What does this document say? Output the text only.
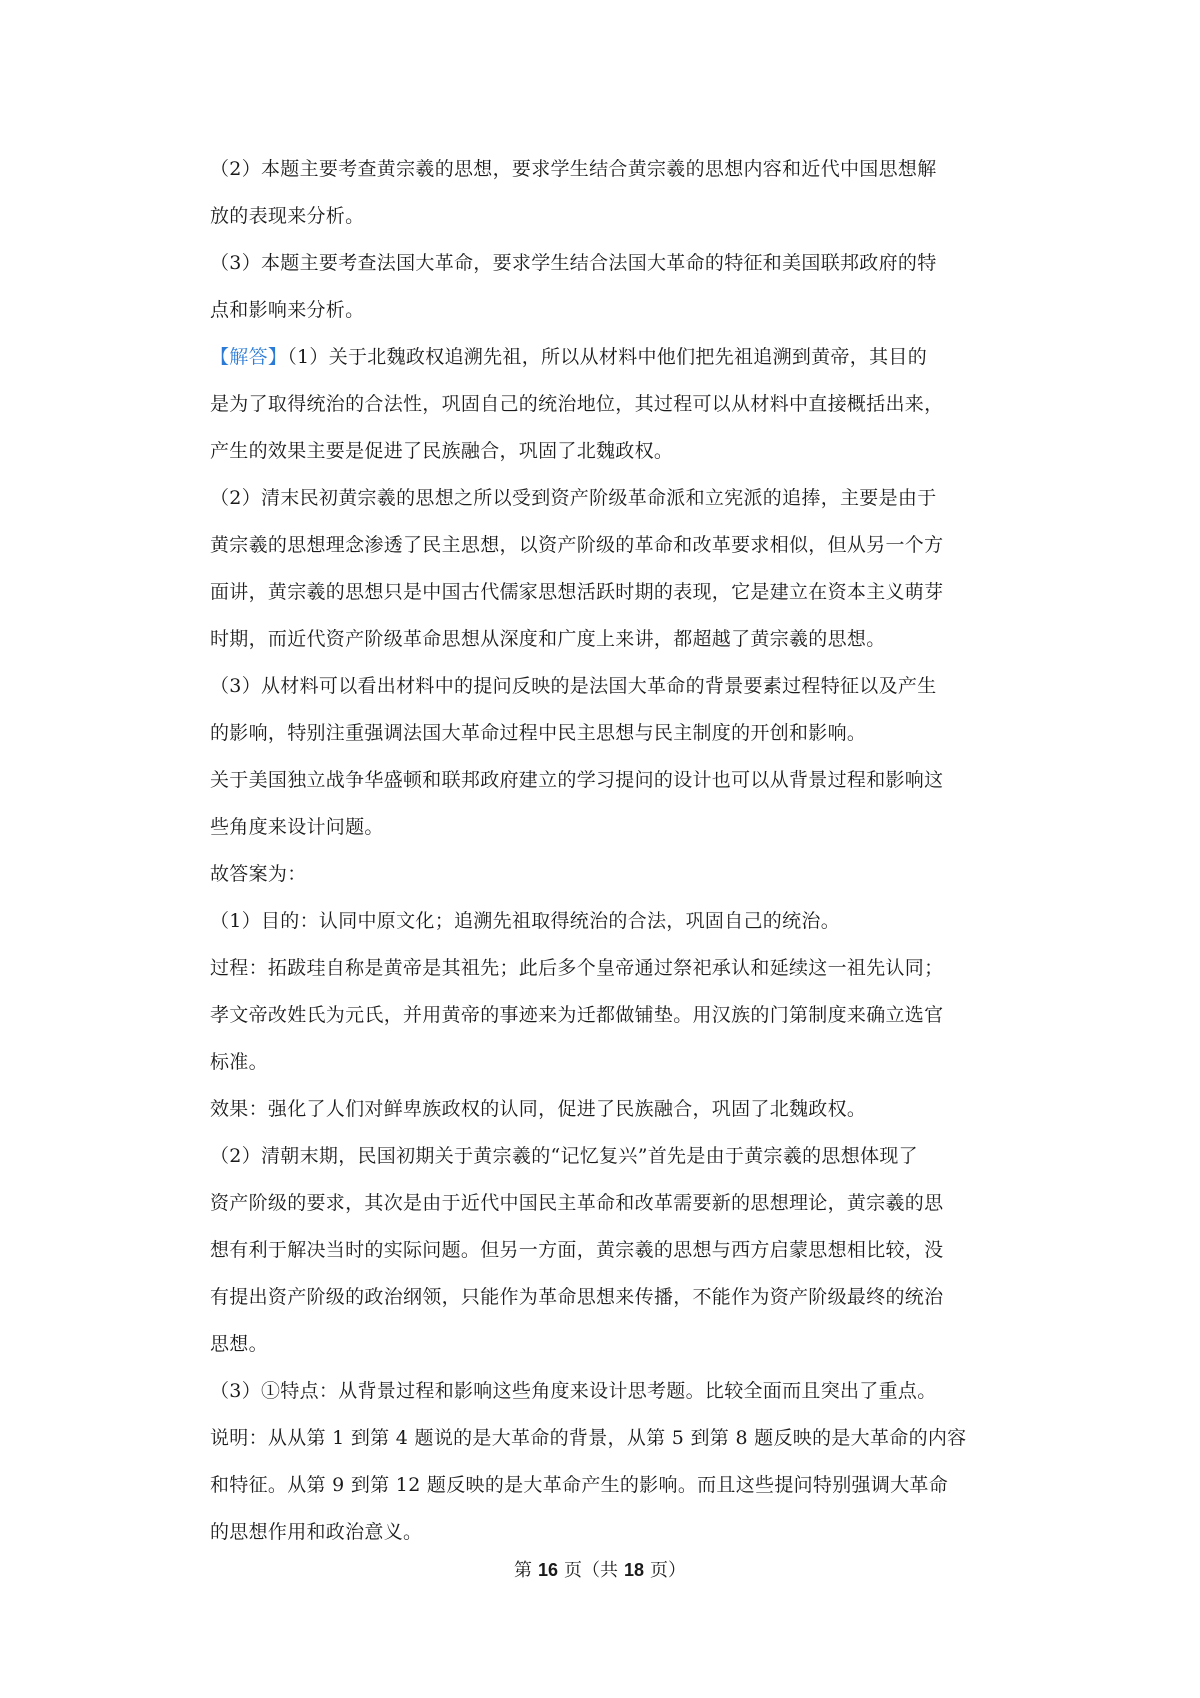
（2）本题主要考查黄宗羲的思想，要求学生结合黄宗羲的思想内容和近代中国思想解
放的表现来分析。
（3）本题主要考查法国大革命，要求学生结合法国大革命的特征和美国联邦政府的特
点和影响来分析。
【解答】（1）关于北魏政权追溯先祖，所以从材料中他们把先祖追溯到黄帝，其目的
是为了取得统治的合法性，巩固自己的统治地位，其过程可以从材料中直接概括出来，
产生的效果主要是促进了民族融合，巩固了北魏政权。
（2）清末民初黄宗羲的思想之所以受到资产阶级革命派和立宪派的追捧，主要是由于
黄宗羲的思想理念渗透了民主思想，以资产阶级的革命和改革要求相似，但从另一个方
面讲，黄宗羲的思想只是中国古代儒家思想活跃时期的表现，它是建立在资本主义萌芽
时期，而近代资产阶级革命思想从深度和广度上来讲，都超越了黄宗羲的思想。
（3）从材料可以看出材料中的提问反映的是法国大革命的背景要素过程特征以及产生
的影响，特别注重强调法国大革命过程中民主思想与民主制度的开创和影响。
关于美国独立战争华盛顿和联邦政府建立的学习提问的设计也可以从背景过程和影响这
些角度来设计问题。
故答案为：
（1）目的：认同中原文化；追溯先祖取得统治的合法，巩固自己的统治。
过程：拓跋珪自称是黄帝是其祖先；此后多个皇帝通过祭祀承认和延续这一祖先认同；
孝文帝改姓氏为元氏，并用黄帝的事迹来为迁都做铺垫。用汉族的门第制度来确立选官
标准。
效果：强化了人们对鲜卑族政权的认同，促进了民族融合，巩固了北魏政权。
（2）清朝末期，民国初期关于黄宗羲的“记忆复兴”首先是由于黄宗羲的思想体现了
资产阶级的要求，其次是由于近代中国民主革命和改革需要新的思想理论，黄宗羲的思
想有利于解决当时的实际问题。但另一方面，黄宗羲的思想与西方启蒙思想相比较，没
有提出资产阶级的政治纲领，只能作为革命思想来传播，不能作为资产阶级最终的统治
思想。
（3）①特点：从背景过程和影响这些角度来设计思考题。比较全面而且突出了重点。
说明：从从第 1 到第 4 题说的是大革命的背景，从第 5 到第 8 题反映的是大革命的内容
和特征。从第 9 到第 12 题反映的是大革命产生的影响。而且这些提问特别强调大革命
的思想作用和政治意义。
第 16 页（共 18 页）
